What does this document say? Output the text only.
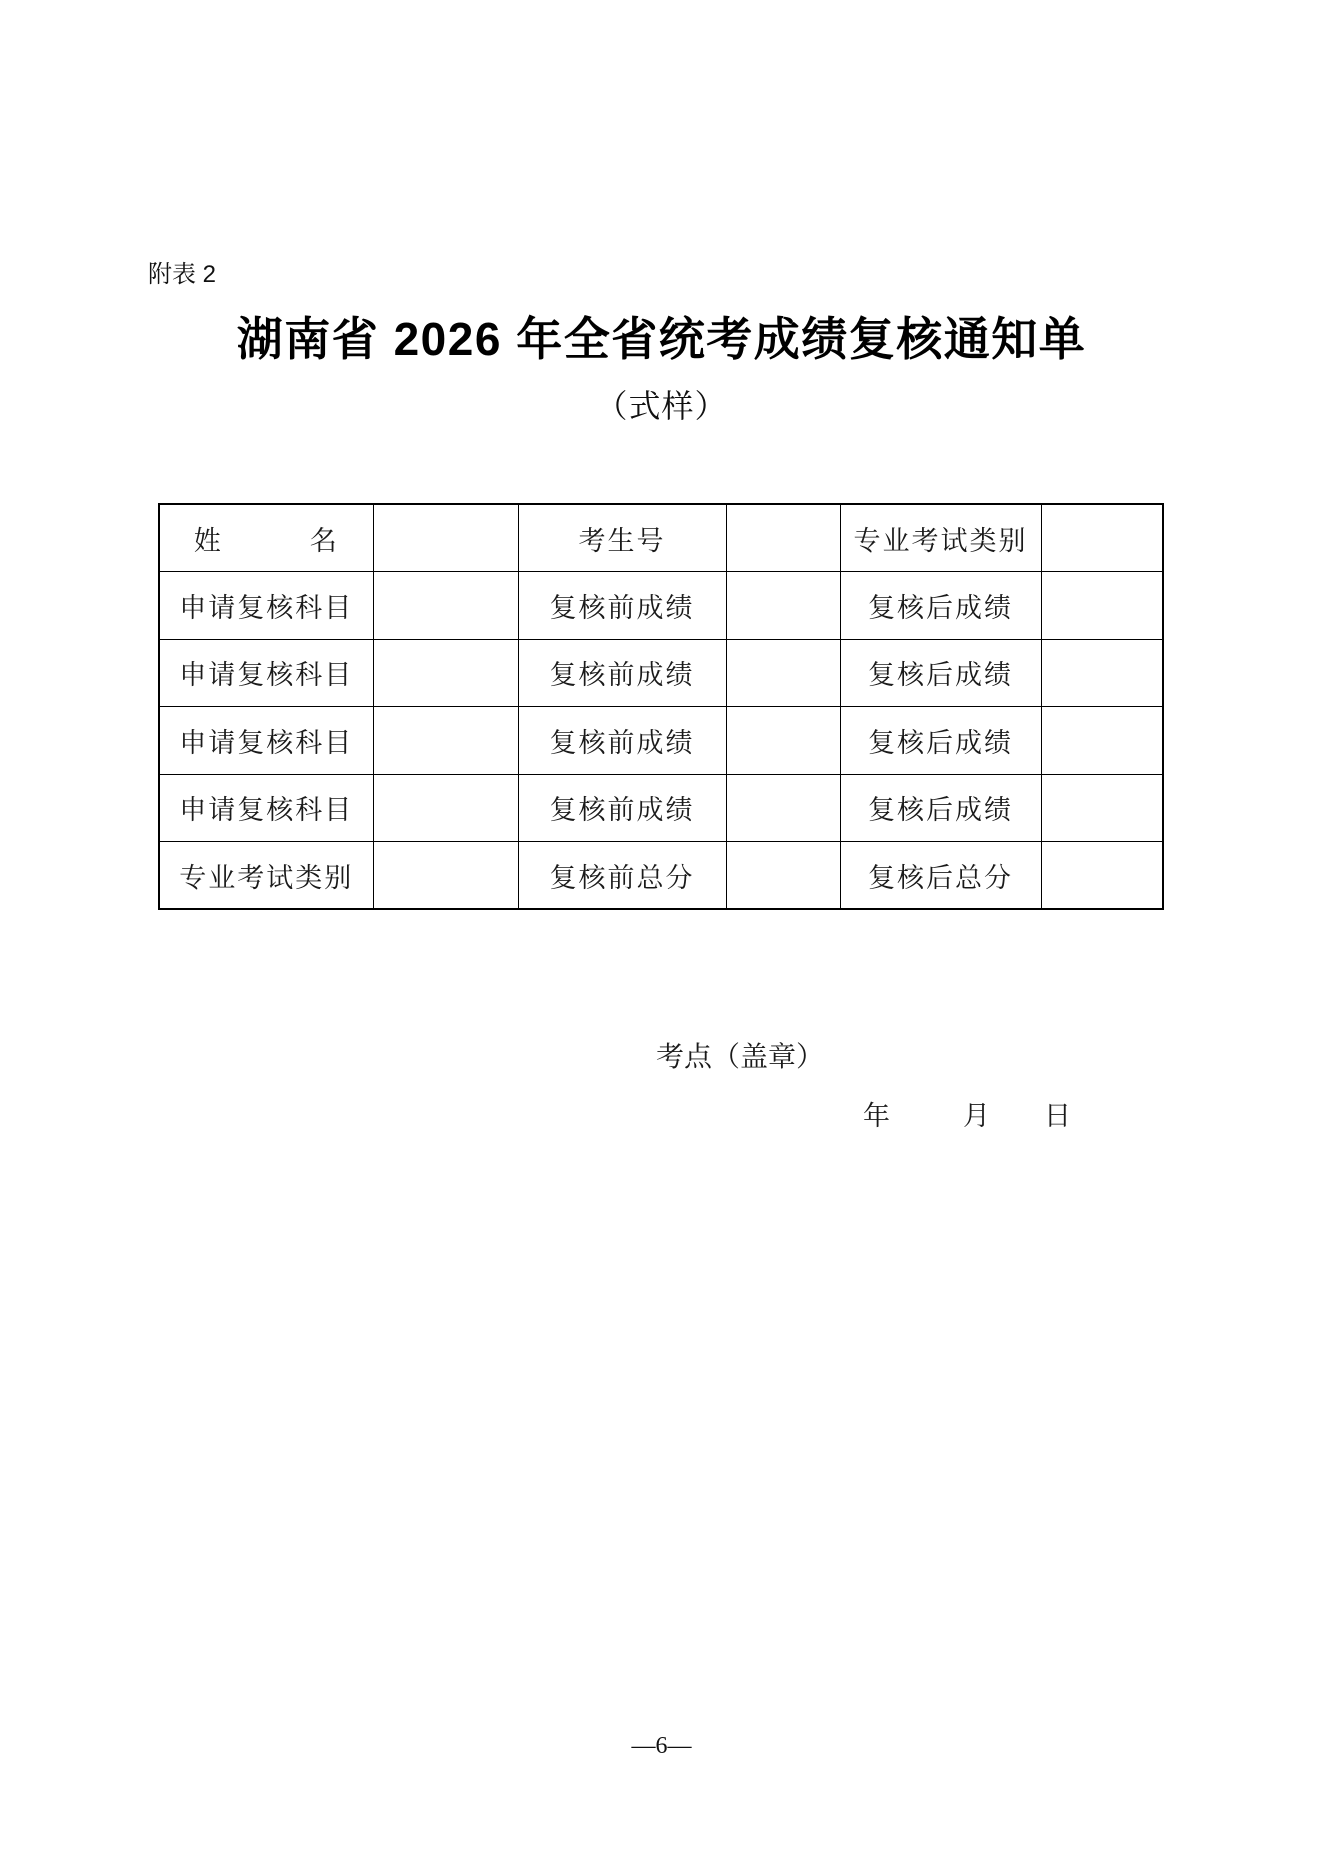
附表 2
湖南省 2026 年全省统考成绩复核通知单
（式样）
姓　　　名		考生号		专业考试类别	
申请复核科目		复核前成绩		复核后成绩	
申请复核科目		复核前成绩		复核后成绩	
申请复核科目		复核前成绩		复核后成绩	
申请复核科目		复核前成绩		复核后成绩	
专业考试类别		复核前总分		复核后总分	
考点（盖章）
年	月 日
—6—
